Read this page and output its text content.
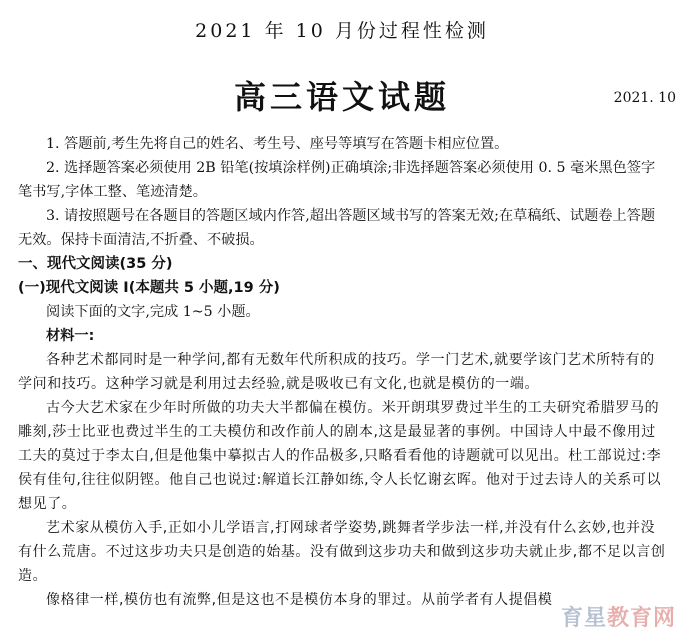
2021 年 10 月份过程性检测
高三语文试题	2021. 10

1. 答题前,考生先将自己的姓名、考生号、座号等填写在答题卡相应位置。

2. 选择题答案必须使用 2B 铅笔(按填涂样例)正确填涂;非选择题答案必须使用 0. 5 毫米黑色签字笔书写,字体工整、笔迹清楚。

3. 请按照题号在各题目的答题区域内作答,超出答题区域书写的答案无效;在草稿纸、试题卷上答题无效。保持卡面清洁,不折叠、不破损。

一、现代文阅读(35 分)

(一)现代文阅读 I(本题共 5 小题,19 分)

阅读下面的文字,完成 1~5 小题。

材料一:

各种艺术都同时是一种学问,都有无数年代所积成的技巧。学一门艺术,就要学该门艺术所特有的学问和技巧。这种学习就是利用过去经验,就是吸收已有文化,也就是模仿的一端。

古今大艺术家在少年时所做的功夫大半都偏在模仿。米开朗琪罗费过半生的工夫研究希腊罗马的雕刻,莎士比亚也费过半生的工夫模仿和改作前人的剧本,这是最显著的事例。中国诗人中最不像用过工夫的莫过于李太白,但是他集中摹拟古人的作品极多,只略看看他的诗题就可以见出。杜工部说过:李侯有佳句,往往似阴铿。他自己也说过:解道长江静如练,令人长忆谢玄晖。他对于过去诗人的关系可以想见了。

艺术家从模仿入手,正如小儿学语言,打网球者学姿势,跳舞者学步法一样,并没有什么玄妙,也并没有什么荒唐。不过这步功夫只是创造的始基。没有做到这步功夫和做到这步功夫就止步,都不足以言创造。

像格律一样,模仿也有流弊,但是这也不是模仿本身的罪过。从前学者有人提倡模

育星教育网
